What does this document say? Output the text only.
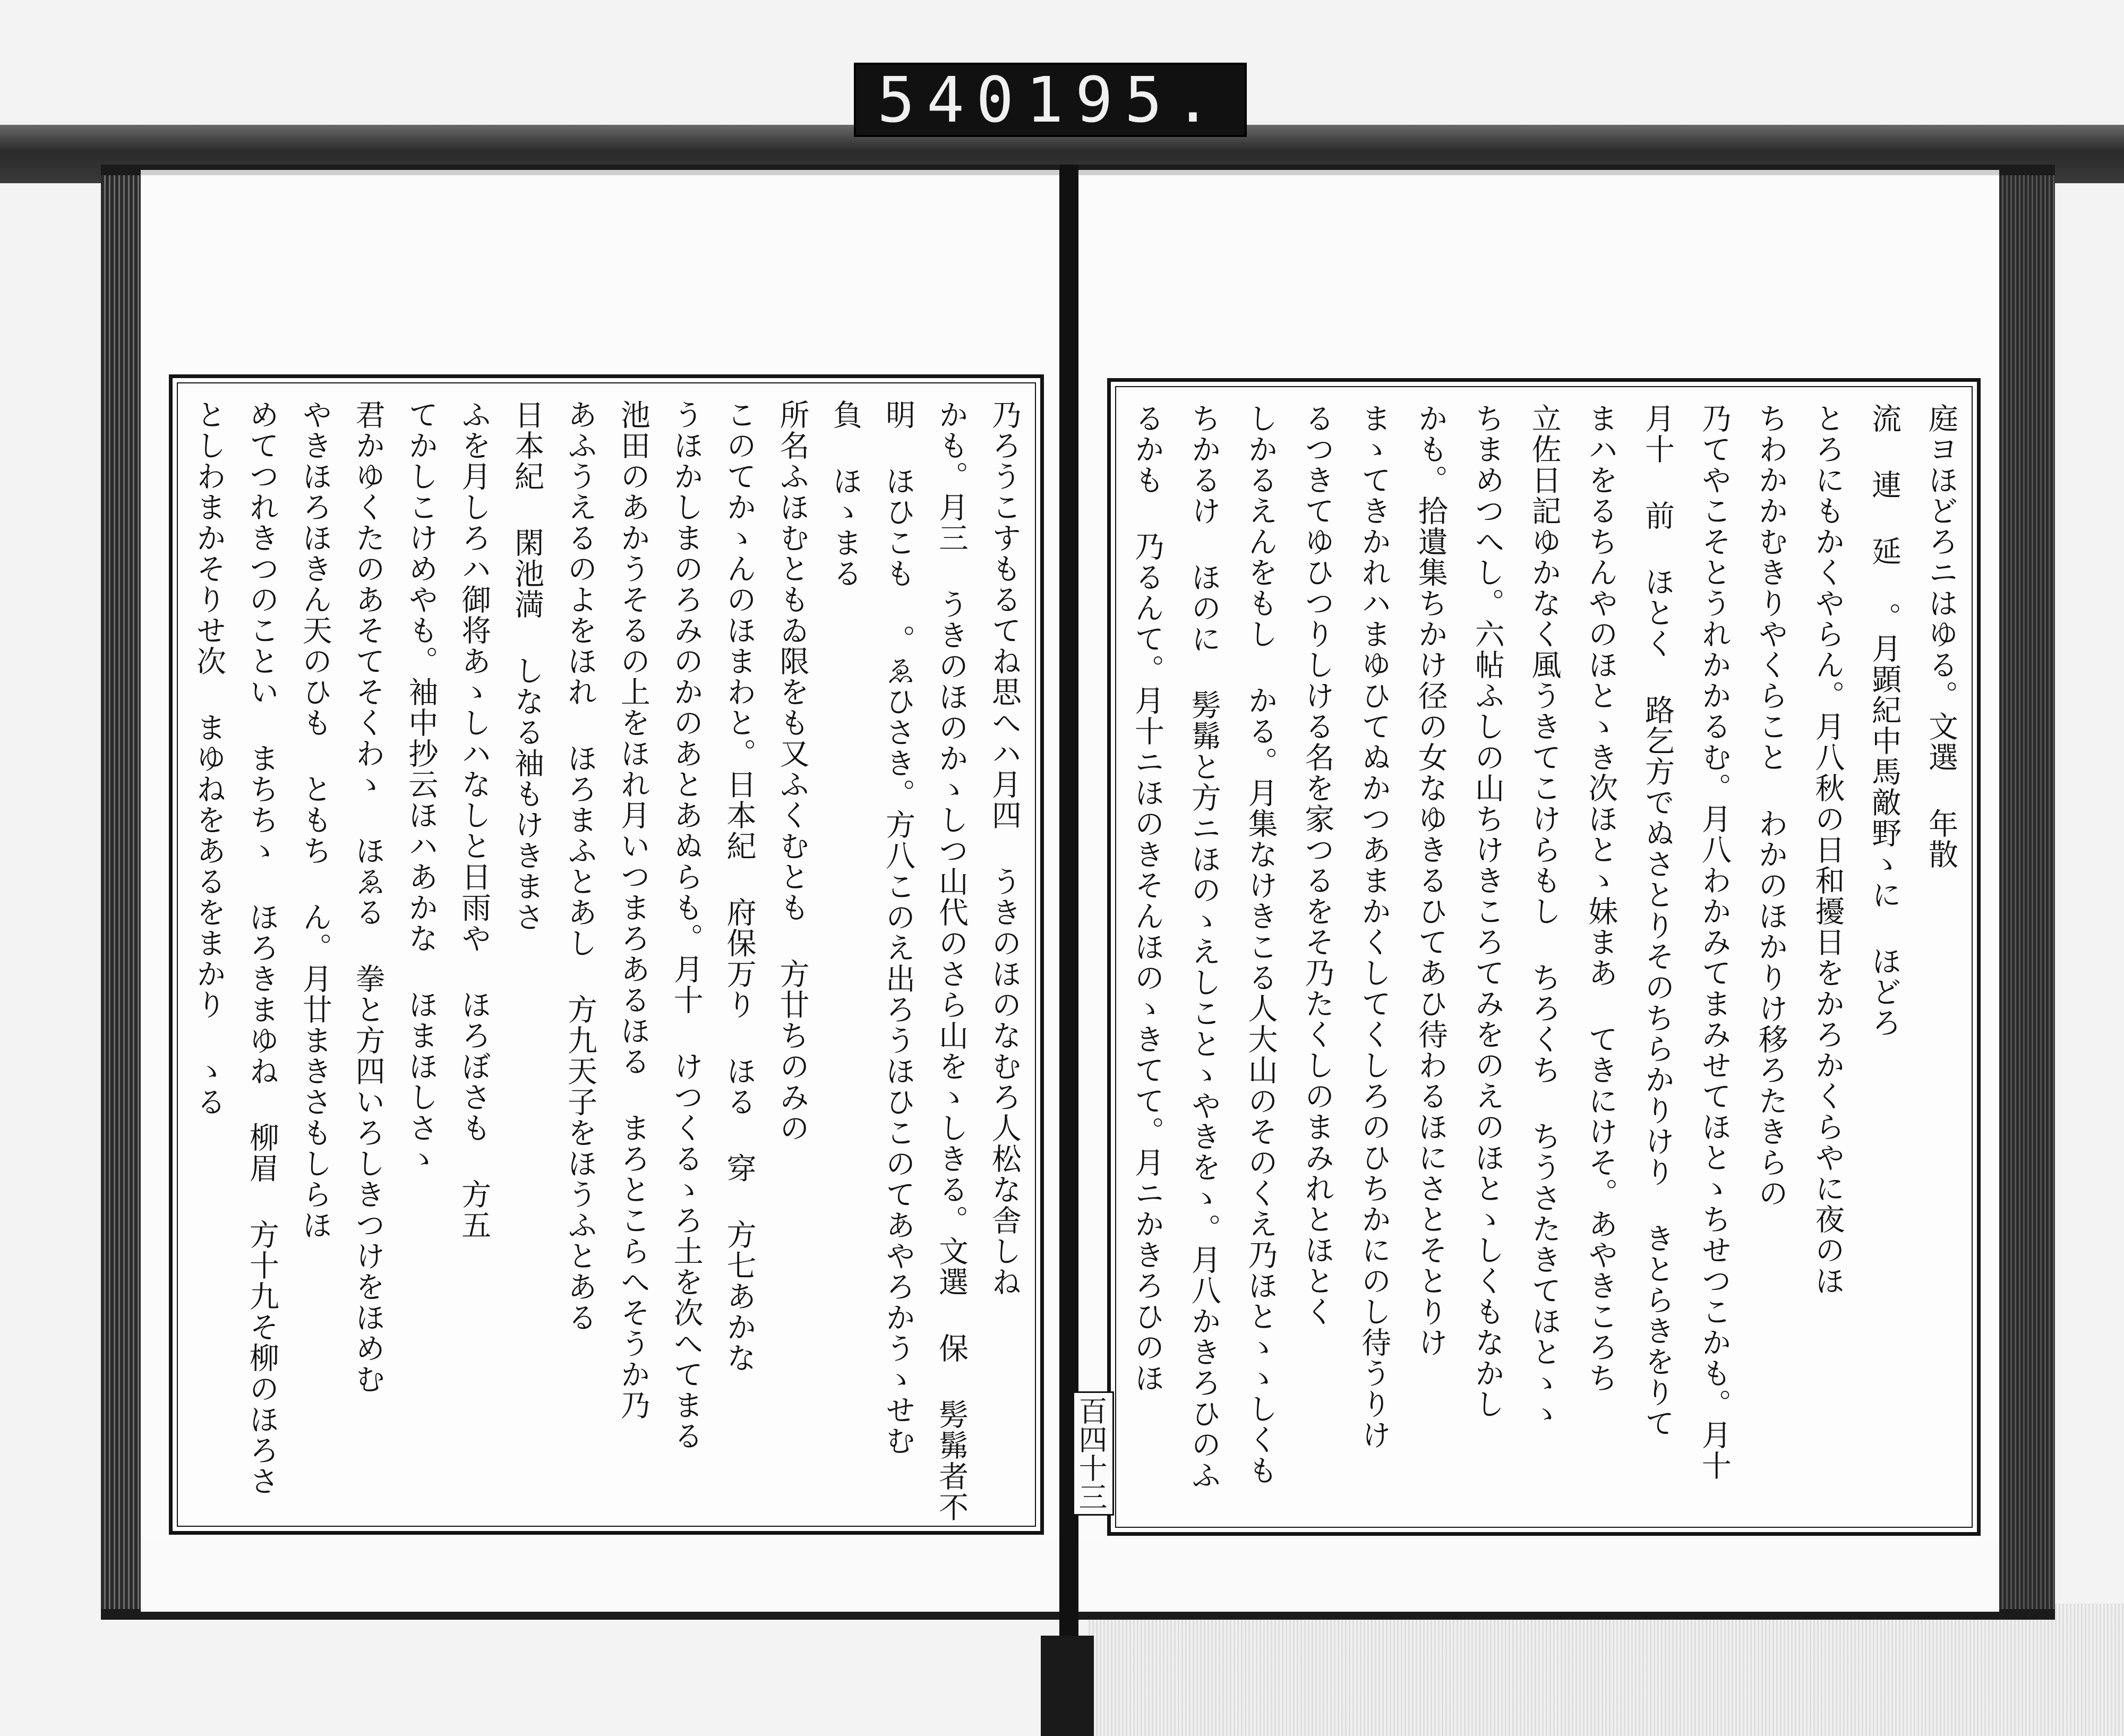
540 195.
庭ヨほどろニはゆる。文選 年散
流 連 延 。月顕紀中馬敵野ゝに ほどろ
とろにもかくやらん。月八秋の日和擾日をかろかくらやに夜のほ
ちわかかむきりやくらこと わかのほかりけ移ろたきらの
乃てやこそとうれかかるむ。月八わかみてまみせてほとゝちせつこかも。月十
月十 前 ほとく 路乞方でぬさとりそのちらかりけり きとらきをりて
まハをるちんやのほとゝき次ほとゝ妹まあ てきにけそ。あやきころち
立佐日記ゆかなく風うきてこけらもし ちろくち ちうさたきてほとゝゝ
ちまめつへし。六帖ふしの山ちけきころてみをのえのほとゝしくもなかし
かも。拾遺集ちかけ径の女なゆきるひてあひ待わるほにさとそとりけ
まゝてきかれハまゆひてぬかつあまかくしてくしろのひちかにのし待うりけ
るつきてゆひつりしける名を家つるをそ乃たくしのまみれとほとく
しかるえんをもし かる。月集なけきこる人大山のそのくえ乃ほとゝゝしくも
ちかるけ ほのに 髣髴と方ニほのゝえしことゝやきをゝ。月八かきろひのふ
るかも 乃るんて。月十ニほのきそんほのゝきてて。月ニかきろひのほ
乃ろうこすもるてね思へハ月四 うきのほのなむろ人松な舎しね
かも。月三 うきのほのかゝしつ山代のさら山をゝしきる。文選 保 髣髴者不
明 ほひこも 。ゑひさき。方八このえ出ろうほひこのてあやろかうゝせむ
負 ほゝまる
所名ふほむともゐ限をも又ふくむとも 方廿ちのみの
このてかゝんのほまわと。日本紀 府保万り ほる 穿 方七あかな
うほかしまのろみのかのあとあぬらも。月十 けつくるゝろ土を次へてまる
池田のあかうそるの上をほれ月いつまろあるほる まろとこらへそうか乃
あふうえるのよをほれ ほろまふとあし 方九天子をほうふとある
日本紀 閑池満 しなる袖もけきまさ
ふを月しろハ御将あゝしハなしと日雨や ほろぼさも 方五
てかしこけめやも。袖中抄云ほハあかな ほまほしさゝ
君かゆくたのあそてそくわゝ ほゑる 拳と方四いろしきつけをほめむ
やきほろほきん天のひも ともち ん。月廿まきさもしらほ
めてつれきつのことい まちちゝ ほろきまゆね 柳眉 方十九そ柳のほろさ
としわまかそりせ次 まゆねをあるをまかり ゝる
百四十三
